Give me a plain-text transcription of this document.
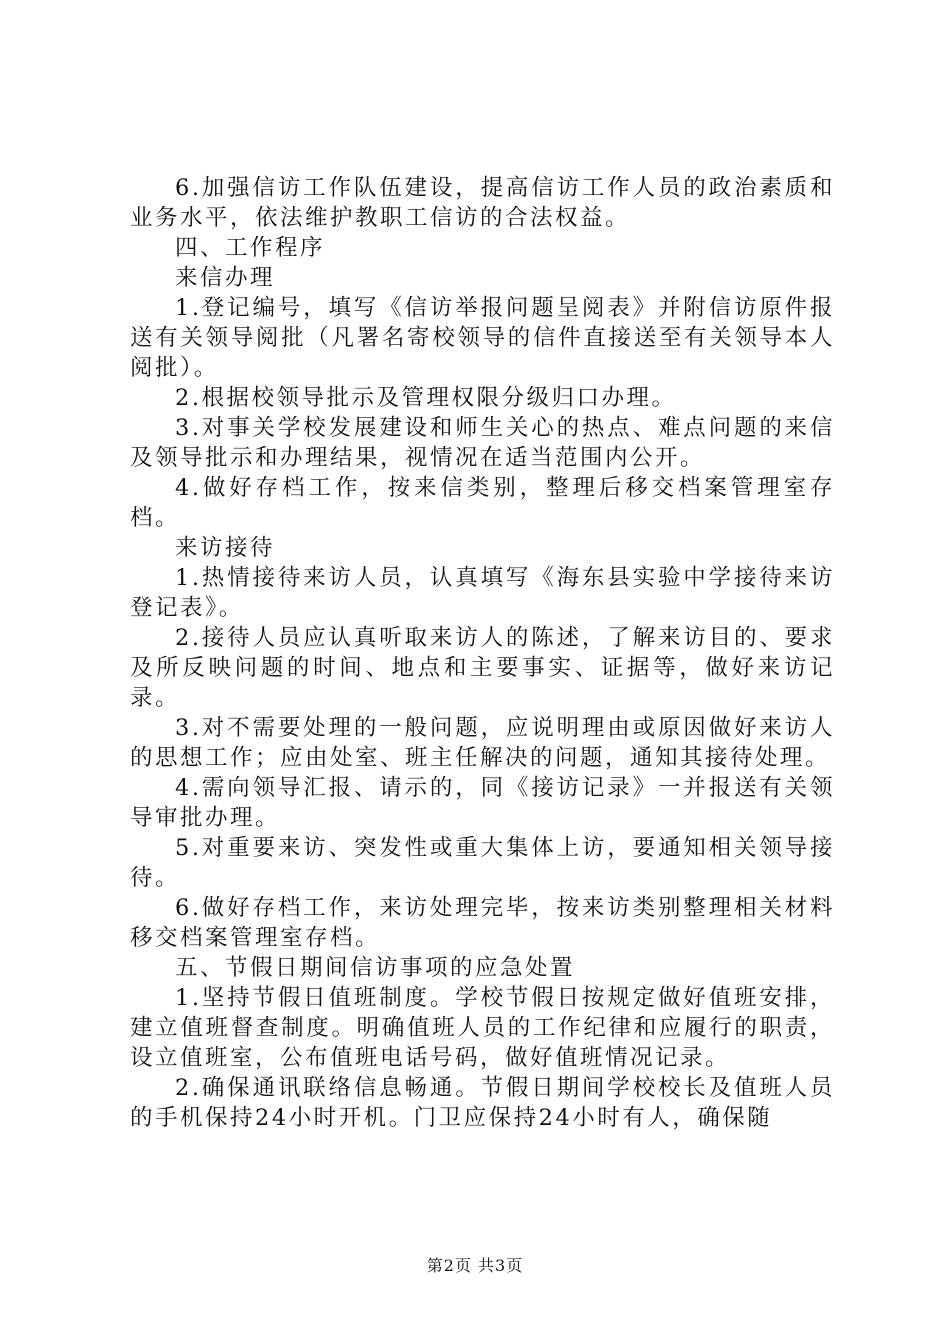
6.加强信访工作队伍建设，提高信访工作人员的政治素质和业务水平，依法维护教职工信访的合法权益。

四、工作程序

来信办理

1.登记编号，填写《信访举报问题呈阅表》并附信访原件报送有关领导阅批（凡署名寄校领导的信件直接送至有关领导本人阅批）。

2.根据校领导批示及管理权限分级归口办理。

3.对事关学校发展建设和师生关心的热点、难点问题的来信及领导批示和办理结果，视情况在适当范围内公开。

4.做好存档工作，按来信类别，整理后移交档案管理室存档。

来访接待

1.热情接待来访人员，认真填写《海东县实验中学接待来访登记表》。

2.接待人员应认真听取来访人的陈述，了解来访目的、要求及所反映问题的时间、地点和主要事实、证据等，做好来访记录。

3.对不需要处理的一般问题，应说明理由或原因做好来访人的思想工作；应由处室、班主任解决的问题，通知其接待处理。

4.需向领导汇报、请示的，同《接访记录》一并报送有关领导审批办理。

5.对重要来访、突发性或重大集体上访，要通知相关领导接待。

6.做好存档工作，来访处理完毕，按来访类别整理相关材料移交档案管理室存档。

五、节假日期间信访事项的应急处置

1.坚持节假日值班制度。学校节假日按规定做好值班安排，建立值班督查制度。明确值班人员的工作纪律和应履行的职责，设立值班室，公布值班电话号码，做好值班情况记录。

2.确保通讯联络信息畅通。节假日期间学校校长及值班人员的手机保持24小时开机。门卫应保持24小时有人，确保随

第2页 共3页
